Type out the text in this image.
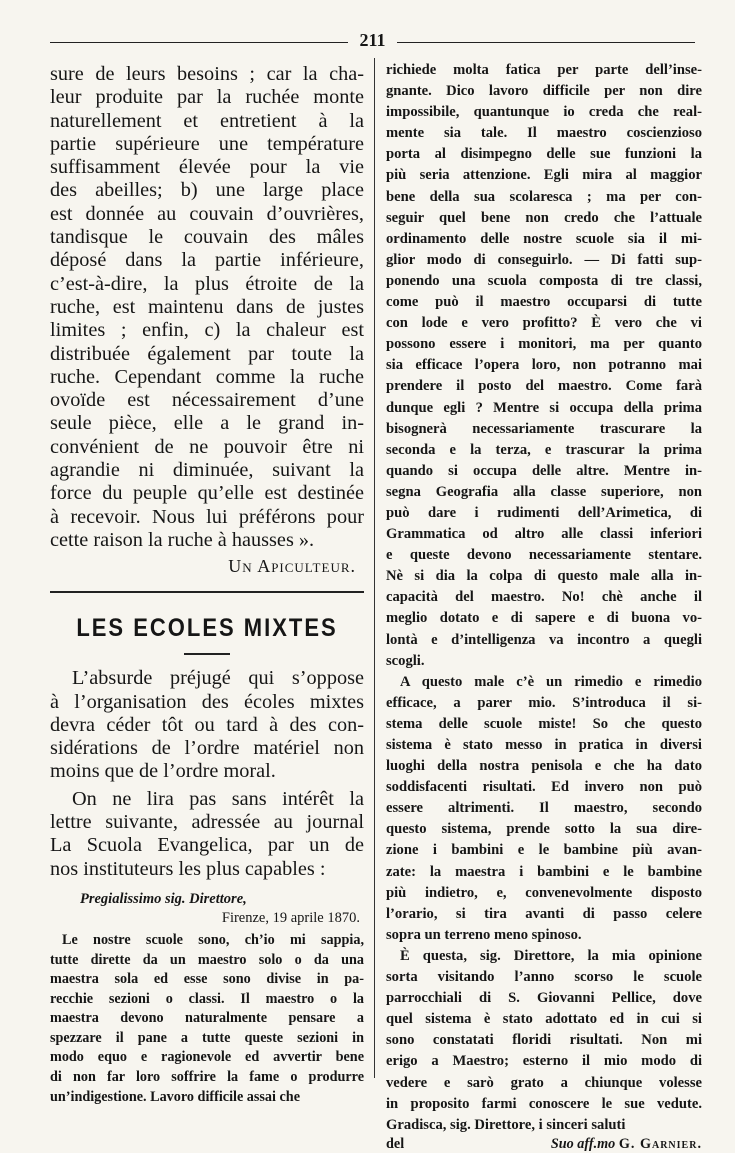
211
sure de leurs besoins ; car la cha-
leur produite par la ruchée monte
naturellement et entretient à la
partie supérieure une température
suffisamment élevée pour la vie
des abeilles; b) une large place
est donnée au couvain d’ouvrières,
tandisque le couvain des mâles
déposé dans la partie inférieure,
c’est-à-dire, la plus étroite de la
ruche, est maintenu dans de justes
limites ; enfin, c) la chaleur est
distribuée également par toute la
ruche. Cependant comme la ruche
ovoïde est nécessairement d’une
seule pièce, elle a le grand in-
convénient de ne pouvoir être ni
agrandie ni diminuée, suivant la
force du peuple qu’elle est destinée
à recevoir. Nous lui préférons pour
cette raison la ruche à hausses ».
Un Apiculteur.
LES ECOLES MIXTES
L’absurde préjugé qui s’oppose
à l’organisation des écoles mixtes
devra céder tôt ou tard à des con-
sidérations de l’ordre matériel non
moins que de l’ordre moral.
On ne lira pas sans intérêt la
lettre suivante, adressée au journal
La Scuola Evangelica, par un de
nos instituteurs les plus capables :
Pregialissimo sig. Direttore,
Firenze, 19 aprile 1870.
Le nostre scuole sono, ch’io mi sappia,
tutte dirette da un maestro solo o da una
maestra sola ed esse sono divise in pa-
recchie sezioni o classi. Il maestro o la
maestra devono naturalmente pensare a
spezzare il pane a tutte queste sezioni in
modo equo e ragionevole ed avvertir bene
di non far loro soffrire la fame o produrre
un’indigestione. Lavoro difficile assai che
richiede molta fatica per parte dell’inse-
gnante. Dico lavoro difficile per non dire
impossibile, quantunque io creda che real-
mente sia tale. Il maestro coscienzioso
porta al disimpegno delle sue funzioni la
più seria attenzione. Egli mira al maggior
bene della sua scolaresca ; ma per con-
seguir quel bene non credo che l’attuale
ordinamento delle nostre scuole sia il mi-
glior modo di conseguirlo. — Di fatti sup-
ponendo una scuola composta di tre classi,
come può il maestro occuparsi di tutte
con lode e vero profitto? È vero che vi
possono essere i monitori, ma per quanto
sia efficace l’opera loro, non potranno mai
prendere il posto del maestro. Come farà
dunque egli ? Mentre si occupa della prima
bisognerà necessariamente trascurare la
seconda e la terza, e trascurar la prima
quando si occupa delle altre. Mentre in-
segna Geografia alla classe superiore, non
può dare i rudimenti dell’Arimetica, di
Grammatica od altro alle classi inferiori
e queste devono necessariamente stentare.
Nè si dia la colpa di questo male alla in-
capacità del maestro. No! chè anche il
meglio dotato e di sapere e di buona vo-
lontà e d’intelligenza va incontro a quegli
scogli.
A questo male c’è un rimedio e rimedio
efficace, a parer mio. S’introduca il si-
stema delle scuole miste! So che questo
sistema è stato messo in pratica in diversi
luoghi della nostra penisola e che ha dato
soddisfacenti risultati. Ed invero non può
essere altrimenti. Il maestro, secondo
questo sistema, prende sotto la sua dire-
zione i bambini e le bambine più avan-
zate: la maestra i bambini e le bambine
più indietro, e, convenevolmente disposto
l’orario, si tira avanti di passo celere
sopra un terreno meno spinoso.
È questa, sig. Direttore, la mia opinione
sorta visitando l’anno scorso le scuole
parrocchiali di S. Giovanni Pellice, dove
quel sistema è stato adottato ed in cui si
sono constatati floridi risultati. Non mi
erigo a Maestro; esterno il mio modo di
vedere e sarò grato a chiunque volesse
in proposito farmi conoscere le sue vedute.
Gradisca, sig. Direttore, i sinceri saluti
del	Suo aff.mo G. Garnier.
